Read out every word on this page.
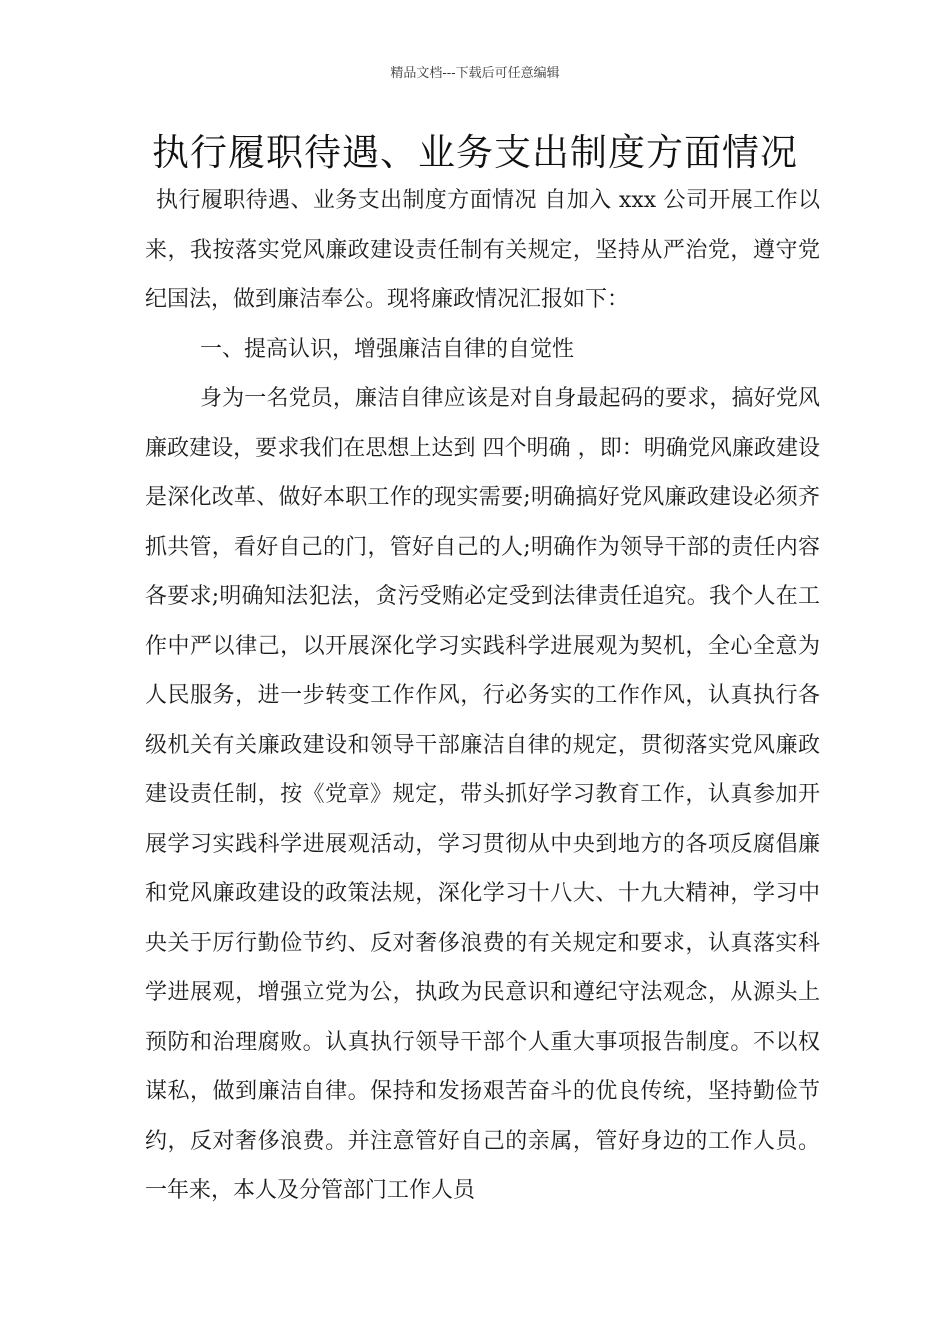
精品文档---下载后可任意编辑
执行履职待遇、业务支出制度方面情况

执行履职待遇、业务支出制度方面情况 自加入 xxx 公司开展工作以来，我按落实党风廉政建设责任制有关规定，坚持从严治党，遵守党纪国法，做到廉洁奉公。现将廉政情况汇报如下：

一、提高认识，增强廉洁自律的自觉性

身为一名党员，廉洁自律应该是对自身最起码的要求，搞好党风廉政建设，要求我们在思想上达到 四个明确 ，即：明确党风廉政建设是深化改革、做好本职工作的现实需要;明确搞好党风廉政建设必须齐抓共管，看好自己的门，管好自己的人;明确作为领导干部的责任内容各要求;明确知法犯法，贪污受贿必定受到法律责任追究。我个人在工作中严以律己，以开展深化学习实践科学进展观为契机，全心全意为人民服务，进一步转变工作作风，行必务实的工作作风，认真执行各级机关有关廉政建设和领导干部廉洁自律的规定，贯彻落实党风廉政建设责任制，按《党章》规定，带头抓好学习教育工作，认真参加开展学习实践科学进展观活动，学习贯彻从中央到地方的各项反腐倡廉和党风廉政建设的政策法规，深化学习十八大、十九大精神，学习中央关于厉行勤俭节约、反对奢侈浪费的有关规定和要求，认真落实科学进展观，增强立党为公，执政为民意识和遵纪守法观念，从源头上预防和治理腐败。认真执行领导干部个人重大事项报告制度。不以权谋私，做到廉洁自律。保持和发扬艰苦奋斗的优良传统，坚持勤俭节约，反对奢侈浪费。并注意管好自己的亲属，管好身边的工作人员。一年来，本人及分管部门工作人员
